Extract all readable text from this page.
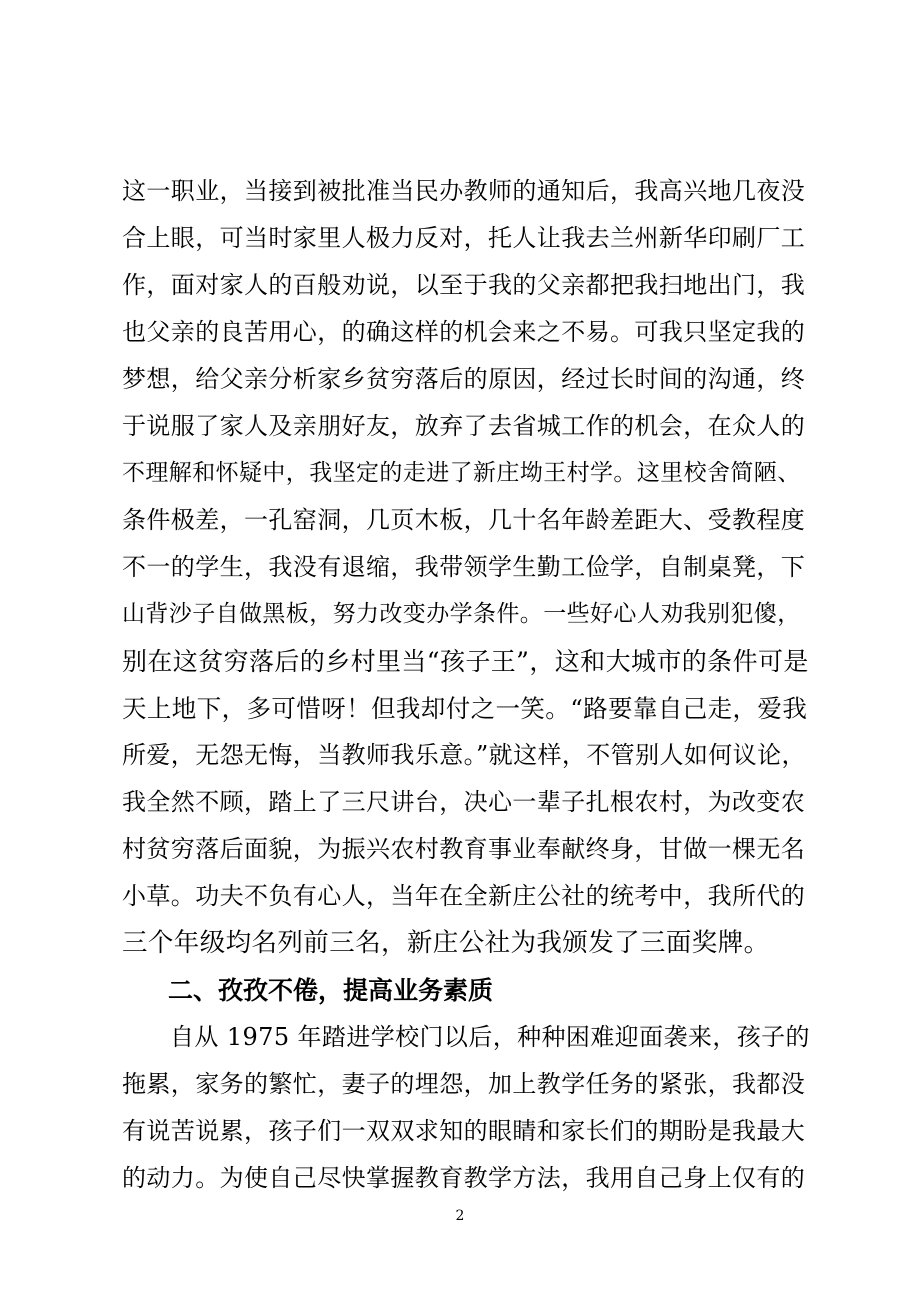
这一职业，当接到被批准当民办教师的通知后，我高兴地几夜没
合上眼，可当时家里人极力反对，托人让我去兰州新华印刷厂工
作，面对家人的百般劝说，以至于我的父亲都把我扫地出门，我
也父亲的良苦用心，的确这样的机会来之不易。可我只坚定我的
梦想，给父亲分析家乡贫穷落后的原因，经过长时间的沟通，终
于说服了家人及亲朋好友，放弃了去省城工作的机会，在众人的
不理解和怀疑中，我坚定的走进了新庄坳王村学。这里校舍简陋、
条件极差，一孔窑洞，几页木板，几十名年龄差距大、受教程度
不一的学生，我没有退缩，我带领学生勤工俭学，自制桌凳，下
山背沙子自做黑板，努力改变办学条件。一些好心人劝我别犯傻，
别在这贫穷落后的乡村里当“孩子王”，这和大城市的条件可是
天上地下，多可惜呀！但我却付之一笑。“路要靠自己走，爱我
所爱，无怨无悔，当教师我乐意。”就这样，不管别人如何议论，
我全然不顾，踏上了三尺讲台，决心一辈子扎根农村，为改变农
村贫穷落后面貌，为振兴农村教育事业奉献终身，甘做一棵无名
小草。功夫不负有心人，当年在全新庄公社的统考中，我所代的
三个年级均名列前三名，新庄公社为我颁发了三面奖牌。
二、孜孜不倦，提高业务素质
自从 1975 年踏进学校门以后，种种困难迎面袭来，孩子的
拖累，家务的繁忙，妻子的埋怨，加上教学任务的紧张，我都没
有说苦说累，孩子们一双双求知的眼睛和家长们的期盼是我最大
的动力。为使自己尽快掌握教育教学方法，我用自己身上仅有的
2
